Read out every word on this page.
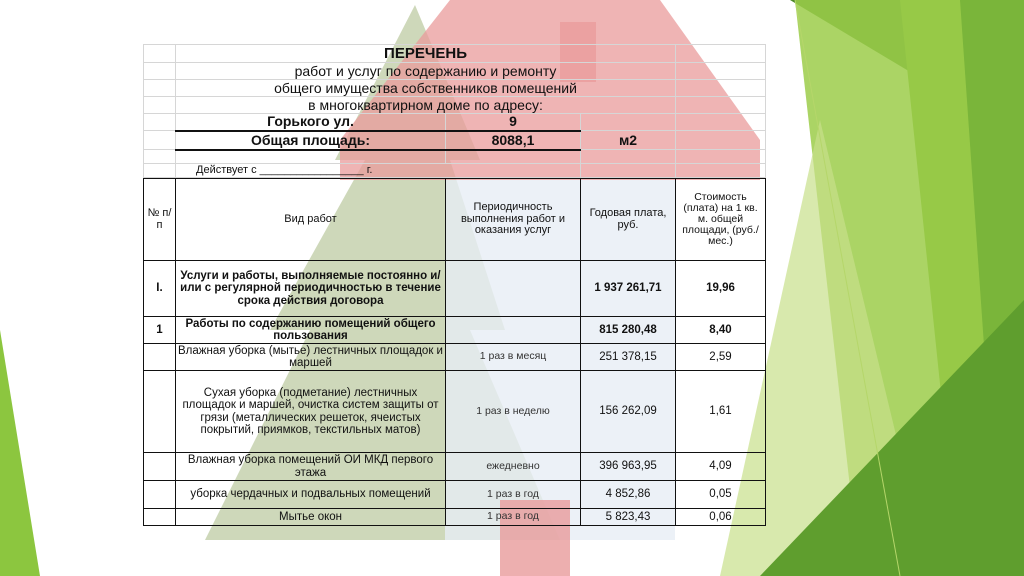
	ПЕРЕЧЕНЬ			
	работ и услуг по содержанию и ремонту			
	общего имущества собственников помещений			
	в многоквартирном доме по адресу:			
	Горького ул.	9		
	Общая площадь:	8088,1	м2	

	Действует с _________________ г.			
№ п/п	Вид работ	Периодичность выполнения работ и оказания услуг	Годовая плата, руб.	Стоимость (плата) на 1 кв. м. общей площади, (руб./мес.)
I.	Услуги и работы, выполняемые постоянно и/или с регулярной периодичностью в течение срока действия договора		1 937 261,71	19,96
1	Работы по содержанию помещений общего пользования		815 280,48	8,40
	Влажная уборка (мытье) лестничных площадок и маршей	1 раз в месяц	251 378,15	2,59
	Сухая уборка (подметание) лестничных площадок и маршей, очистка систем защиты от грязи (металлических решеток, ячеистых покрытий, приямков, текстильных матов)	1 раз в неделю	156 262,09	1,61
	Влажная уборка помещений ОИ МКД первого этажа	ежедневно	396 963,95	4,09
	уборка чердачных и подвальных помещений	1 раз в год	4 852,86	0,05
	Мытье окон	1 раз в год	5 823,43	0,06
